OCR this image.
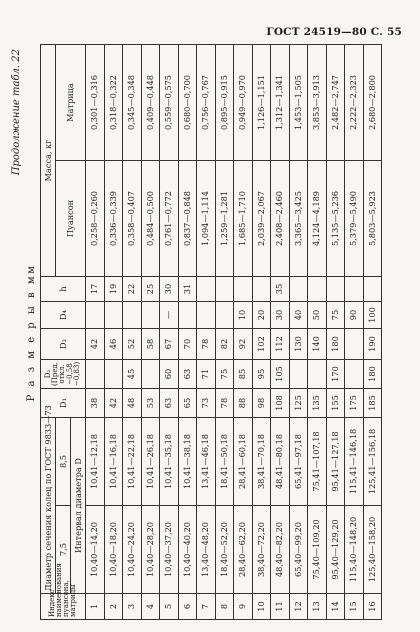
ГОСТ 24519—80 С. 55
Продолжение табл. 22
Р а з м е р ы в мм
Индекс наименования пуансона, матрицы	Диаметр сечения колец по ГОСТ 9833—73		D₁	D₂ (Пред. откл. −0,58 −0,83)	D₃	D₄	h	Масса, кг	
	7,5	8,5						Пуансон	Матрица
	Интервал диаметра D								
1	10,40—14,20	10,41—12,18	38		42		17	0,258—0,260	0,301—0,316
2	10,40—18,20	10,41—16,18	42		46		19	0,336—0,339	0,318—0,322
3	10,40—24,20	10,41—22,18	48	45	52		22	0,358—0,407	0,345—0,348
4	10,40—28,20	10,41—26,18	53		58		25	0,484—0,500	0,409—0,448
5	10,40—37,20	10,41—35,18	63	60	67	—	30	0,761—0,772	0,559—0,575
6	10,40—40,20	10,41—38,18	65	63	70		31	0,837—0,848	0,680—0,700
7	13,40—48,20	13,41—46,18	73	71	78			1,094—1,114	0,756—0,767
8	18,40—52,20	18,41—50,18	78	75	82			1,259—1,281	0,895—0,915
9	28,40—62,20	28,41—60,18	88	85	92	10		1,685—1,710	0,949—0,970
10	38,40—72,20	38,41—70,18	98	95	102	20		2,039—2,067	1,126—1,151
11	48,40—82,20	48,41—80,18	108	105	112	30	35	2,408—2,460	1,312—1,341
12	65,40—99,20	65,41—97,18	125		130	40		3,365—3,425	1,453—1,505
13	75,40—109,20	75,41—107,18	135		140	50		4,124—4,189	3,853—3,913
14	95,40—129,20	95,41—127,18	155	170	180	75		5,135—5,236	2,482—2,747
15	115,40—148,20	115,41—146,18	175			90		5,379—5,490	2,222—2,323
16	125,40—158,20	125,41—156,18	185	180	190	100		5,803—5,923	2,680—2,800
